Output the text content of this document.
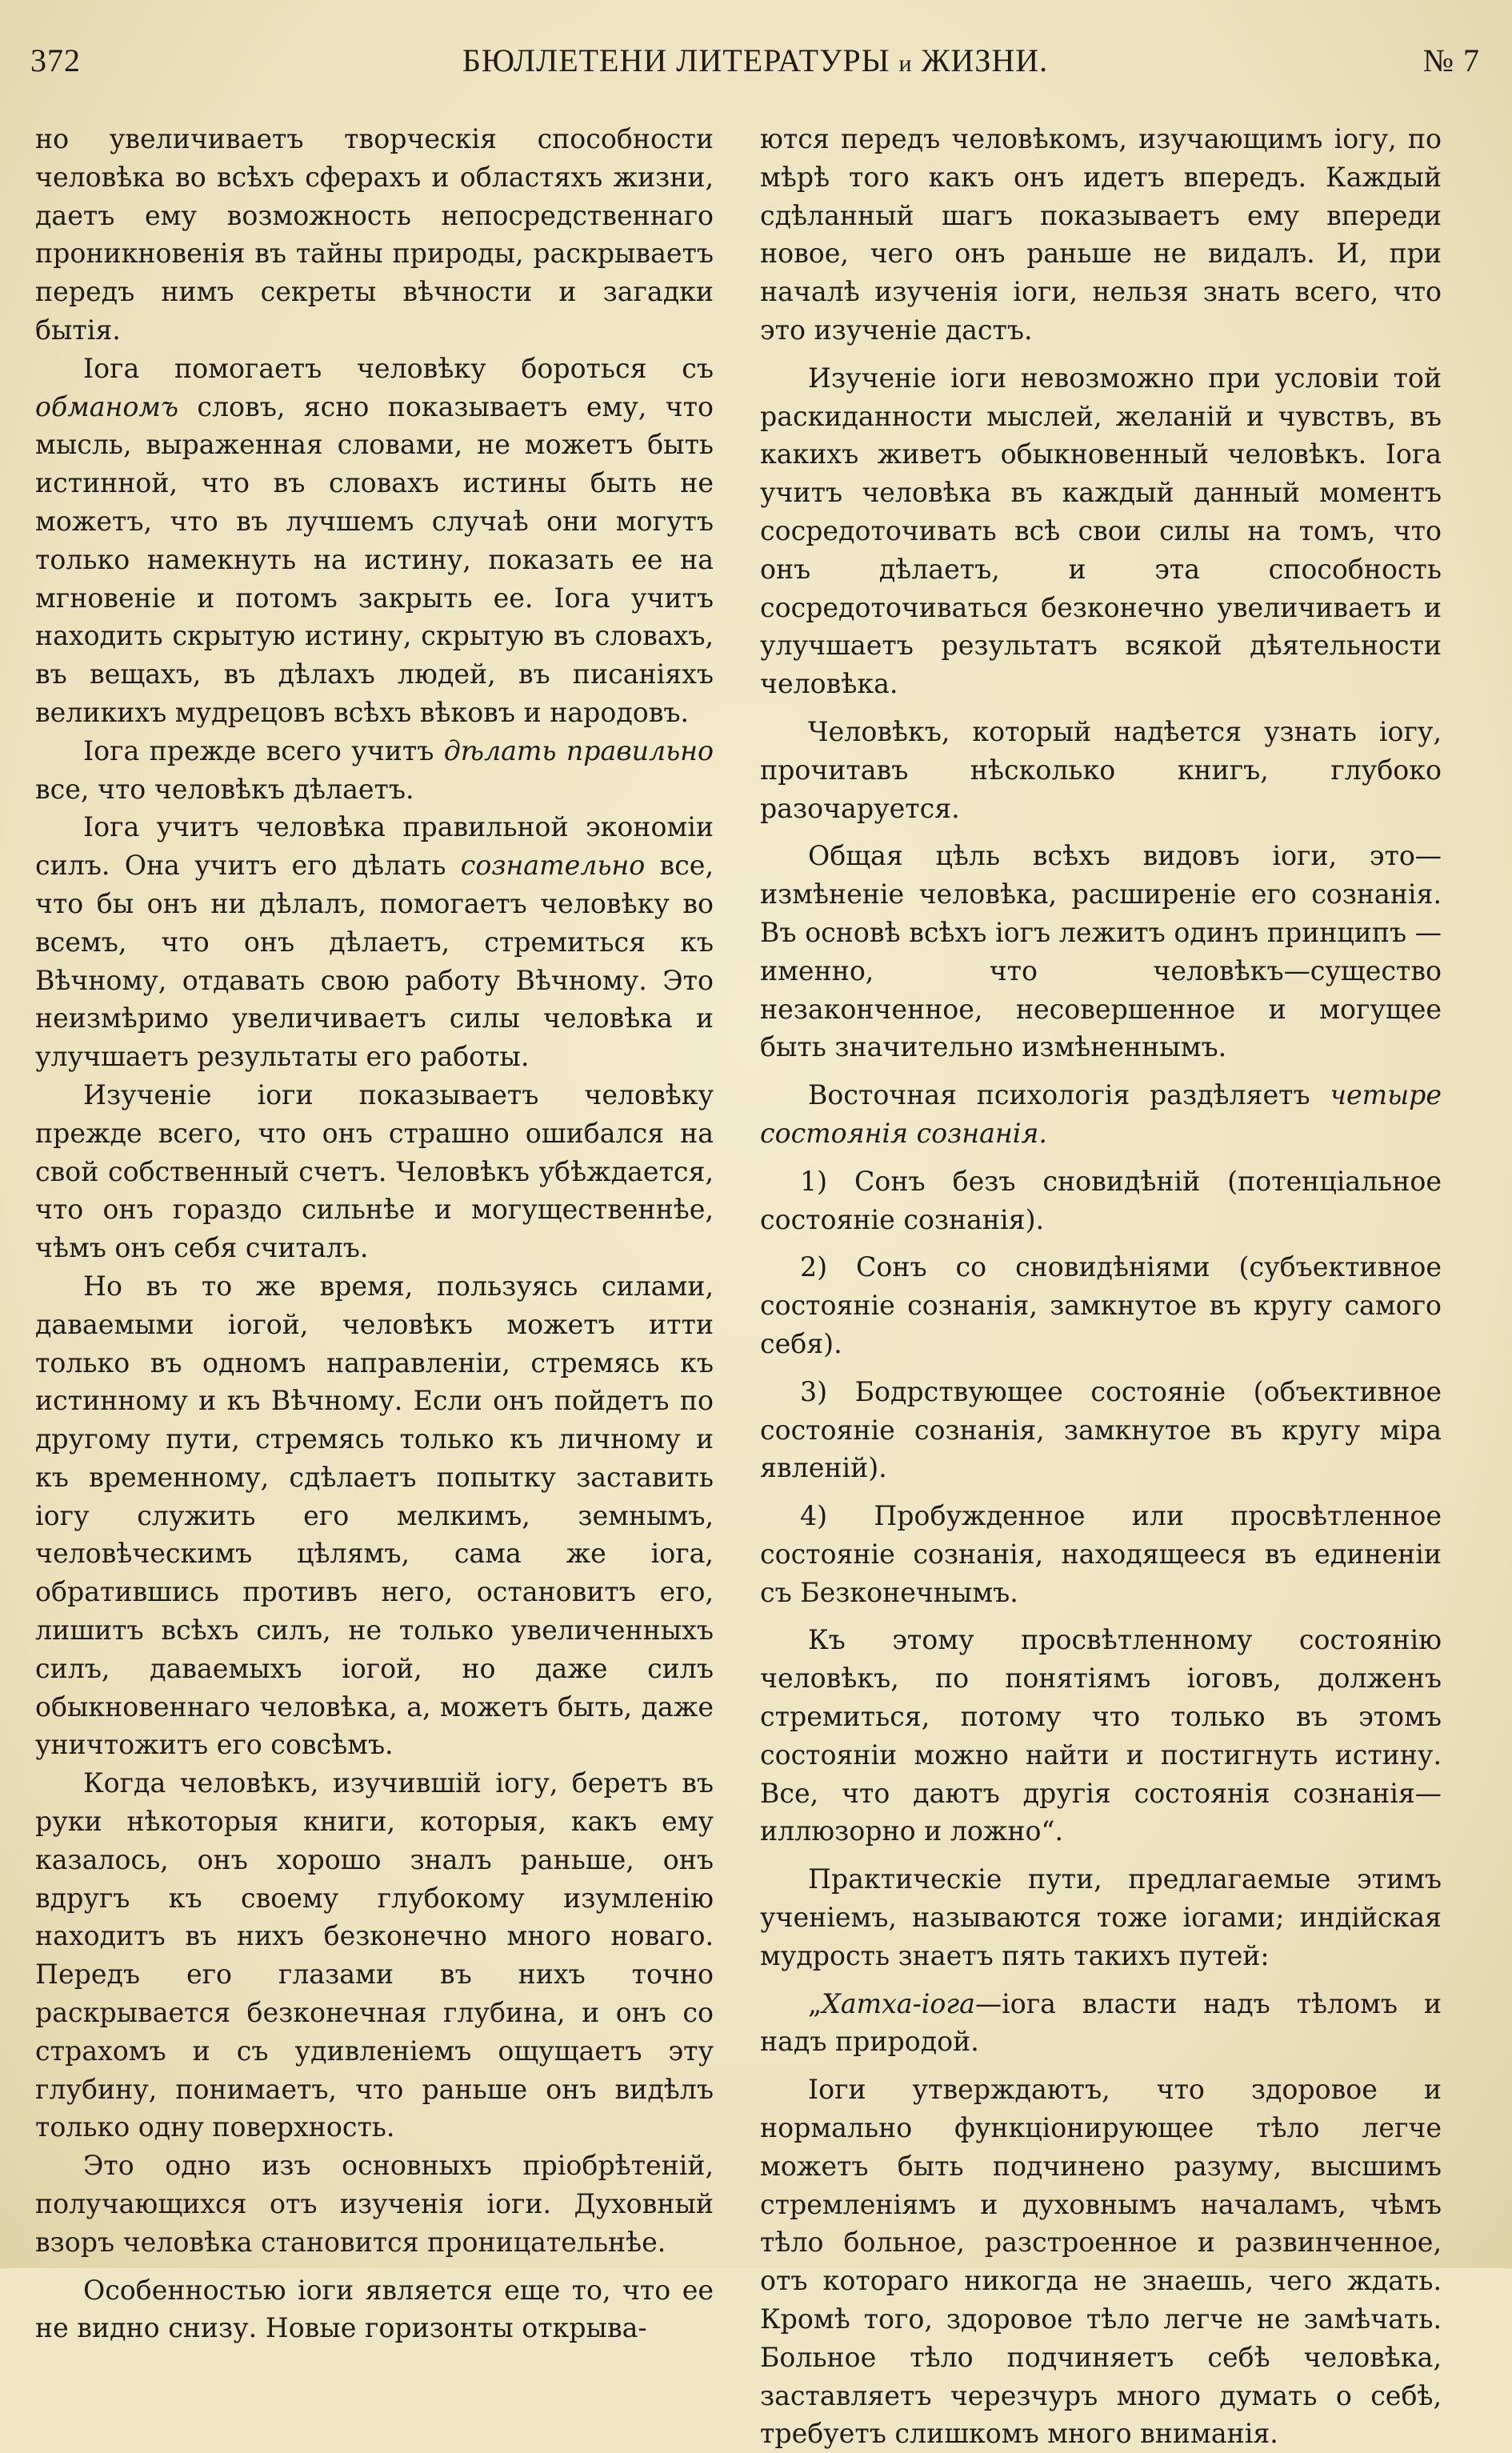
372	БЮЛЛЕТЕНИ ЛИТЕРАТУРЫ и ЖИЗНИ.	№ 7

но увеличиваетъ творческія способности человѣка во всѣхъ сферахъ и областяхъ жизни, даетъ ему возможность непосредственнаго проникновенія въ тайны природы, раскрываетъ передъ нимъ секреты вѣчности и загадки бытія.

Іога помогаетъ человѣку бороться съ обманомъ словъ, ясно показываетъ ему, что мысль, выраженная словами, не можетъ быть истинной, что въ словахъ истины быть не можетъ, что въ лучшемъ случаѣ они могутъ только намекнуть на истину, показать ее на мгновеніе и потомъ закрыть ее. Іога учитъ находить скрытую истину, скрытую въ словахъ, въ вещахъ, въ дѣлахъ людей, въ писаніяхъ великихъ мудрецовъ всѣхъ вѣковъ и народовъ.

Іога прежде всего учитъ дѣлать правильно все, что человѣкъ дѣлаетъ.

Іога учитъ человѣка правильной экономіи силъ. Она учитъ его дѣлать сознательно все, что бы онъ ни дѣлалъ, помогаетъ человѣку во всемъ, что онъ дѣлаетъ, стремиться къ Вѣчному, отдавать свою работу Вѣчному. Это неизмѣримо увеличиваетъ силы человѣка и улучшаетъ результаты его работы.

Изученіе іоги показываетъ человѣку прежде всего, что онъ страшно ошибался на свой собственный счетъ. Человѣкъ убѣждается, что онъ гораздо сильнѣе и могущественнѣе, чѣмъ онъ себя считалъ.

Но въ то же время, пользуясь силами, даваемыми іогой, человѣкъ можетъ итти только въ одномъ направленіи, стремясь къ истинному и къ Вѣчному. Если онъ пойдетъ по другому пути, стремясь только къ личному и къ временному, сдѣлаетъ попытку заставить іогу служить его мелкимъ, земнымъ, человѣческимъ цѣлямъ, сама же іога, обратившись противъ него, остановитъ его, лишитъ всѣхъ силъ, не только увеличенныхъ силъ, даваемыхъ іогой, но даже силъ обыкновеннаго человѣка, а, можетъ быть, даже уничтожитъ его совсѣмъ.

Когда человѣкъ, изучившій іогу, беретъ въ руки нѣкоторыя книги, которыя, какъ ему казалось, онъ хорошо зналъ раньше, онъ вдругъ къ своему глубокому изумленію находитъ въ нихъ безконечно много новаго. Передъ его глазами въ нихъ точно раскрывается безконечная глубина, и онъ со страхомъ и съ удивленіемъ ощущаетъ эту глубину, понимаетъ, что раньше онъ видѣлъ только одну поверхность.

Это одно изъ основныхъ пріобрѣтеній, получающихся отъ изученія іоги. Духовный взоръ человѣка становится проницательнѣе.

Особенностью іоги является еще то, что ее не видно снизу. Новые горизонты открыва-

ются передъ человѣкомъ, изучающимъ іогу, по мѣрѣ того какъ онъ идетъ впередъ. Каждый сдѣланный шагъ показываетъ ему впереди новое, чего онъ раньше не видалъ. И, при началѣ изученія іоги, нельзя знать всего, что это изученіе дастъ.

Изученіе іоги невозможно при условіи той раскиданности мыслей, желаній и чувствъ, въ какихъ живетъ обыкновенный человѣкъ. Іога учитъ человѣка въ каждый данный моментъ сосредоточивать всѣ свои силы на томъ, что онъ дѣлаетъ, и эта способность сосредоточиваться безконечно увеличиваетъ и улучшаетъ результатъ всякой дѣятельности человѣка.

Человѣкъ, который надѣется узнать іогу, прочитавъ нѣсколько книгъ, глубоко разочаруется.

Общая цѣль всѣхъ видовъ іоги, это—измѣненіе человѣка, расширеніе его сознанія. Въ основѣ всѣхъ іогъ лежитъ одинъ принципъ — именно, что человѣкъ—существо незаконченное, несовершенное и могущее быть значительно измѣненнымъ.

Восточная психологія раздѣляетъ четыре состоянія сознанія.

1) Сонъ безъ сновидѣній (потенціальное состояніе сознанія).

2) Сонъ со сновидѣніями (субъективное состояніе сознанія, замкнутое въ кругу самого себя).

3) Бодрствующее состояніе (объективное состояніе сознанія, замкнутое въ кругу міра явленій).

4) Пробужденное или просвѣтленное состояніе сознанія, находящееся въ единеніи съ Безконечнымъ.

Къ этому просвѣтленному состоянію человѣкъ, по понятіямъ іоговъ, долженъ стремиться, потому что только въ этомъ состояніи можно найти и постигнуть истину. Все, что даютъ другія состоянія сознанія—иллюзорно и ложно“.

Практическіе пути, предлагаемые этимъ ученіемъ, называются тоже іогами; индійская мудрость знаетъ пять такихъ путей:

„Хатха-іога—іога власти надъ тѣломъ и надъ природой.

Іоги утверждаютъ, что здоровое и нормально функціонирующее тѣло легче можетъ быть подчинено разуму, высшимъ стремленіямъ и духовнымъ началамъ, чѣмъ тѣло больное, разстроенное и развинченное, отъ котораго никогда не знаешь, чего ждать. Кромѣ того, здоровое тѣло легче не замѣчать. Больное тѣло подчиняетъ себѣ человѣка, заставляетъ черезчуръ много думать о себѣ, требуетъ слишкомъ много вниманія.
